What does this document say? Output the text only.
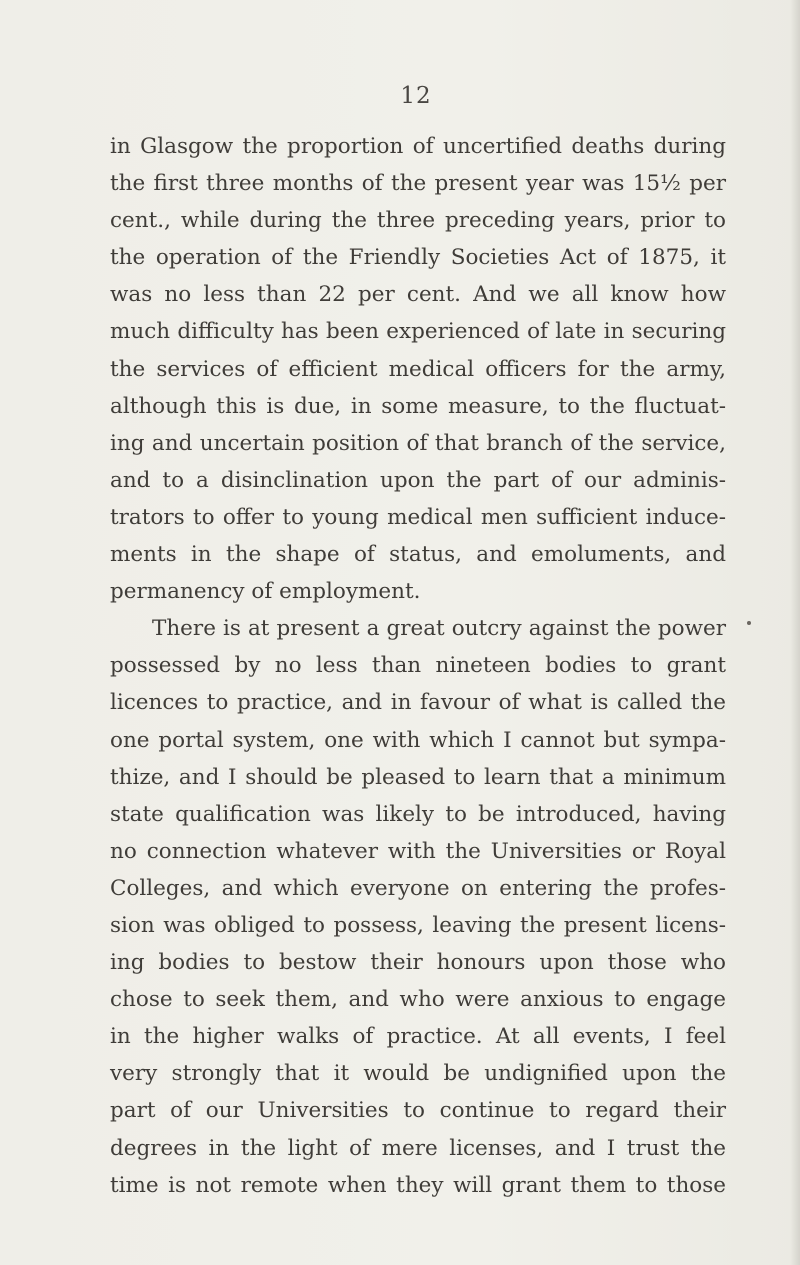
12
in Glasgow the proportion of uncertified deaths during
the first three months of the present year was 15½ per
cent., while during the three preceding years, prior to
the operation of the Friendly Societies Act of 1875, it
was no less than 22 per cent. And we all know how
much difficulty has been experienced of late in securing
the services of efficient medical officers for the army,
although this is due, in some measure, to the fluctuat-
ing and uncertain position of that branch of the service,
and to a disinclination upon the part of our adminis-
trators to offer to young medical men sufficient induce-
ments in the shape of status, and emoluments, and
permanency of employment.
There is at present a great outcry against the power
possessed by no less than nineteen bodies to grant
licences to practice, and in favour of what is called the
one portal system, one with which I cannot but sympa-
thize, and I should be pleased to learn that a minimum
state qualification was likely to be introduced, having
no connection whatever with the Universities or Royal
Colleges, and which everyone on entering the profes-
sion was obliged to possess, leaving the present licens-
ing bodies to bestow their honours upon those who
chose to seek them, and who were anxious to engage
in the higher walks of practice. At all events, I feel
very strongly that it would be undignified upon the
part of our Universities to continue to regard their
degrees in the light of mere licenses, and I trust the
time is not remote when they will grant them to those
